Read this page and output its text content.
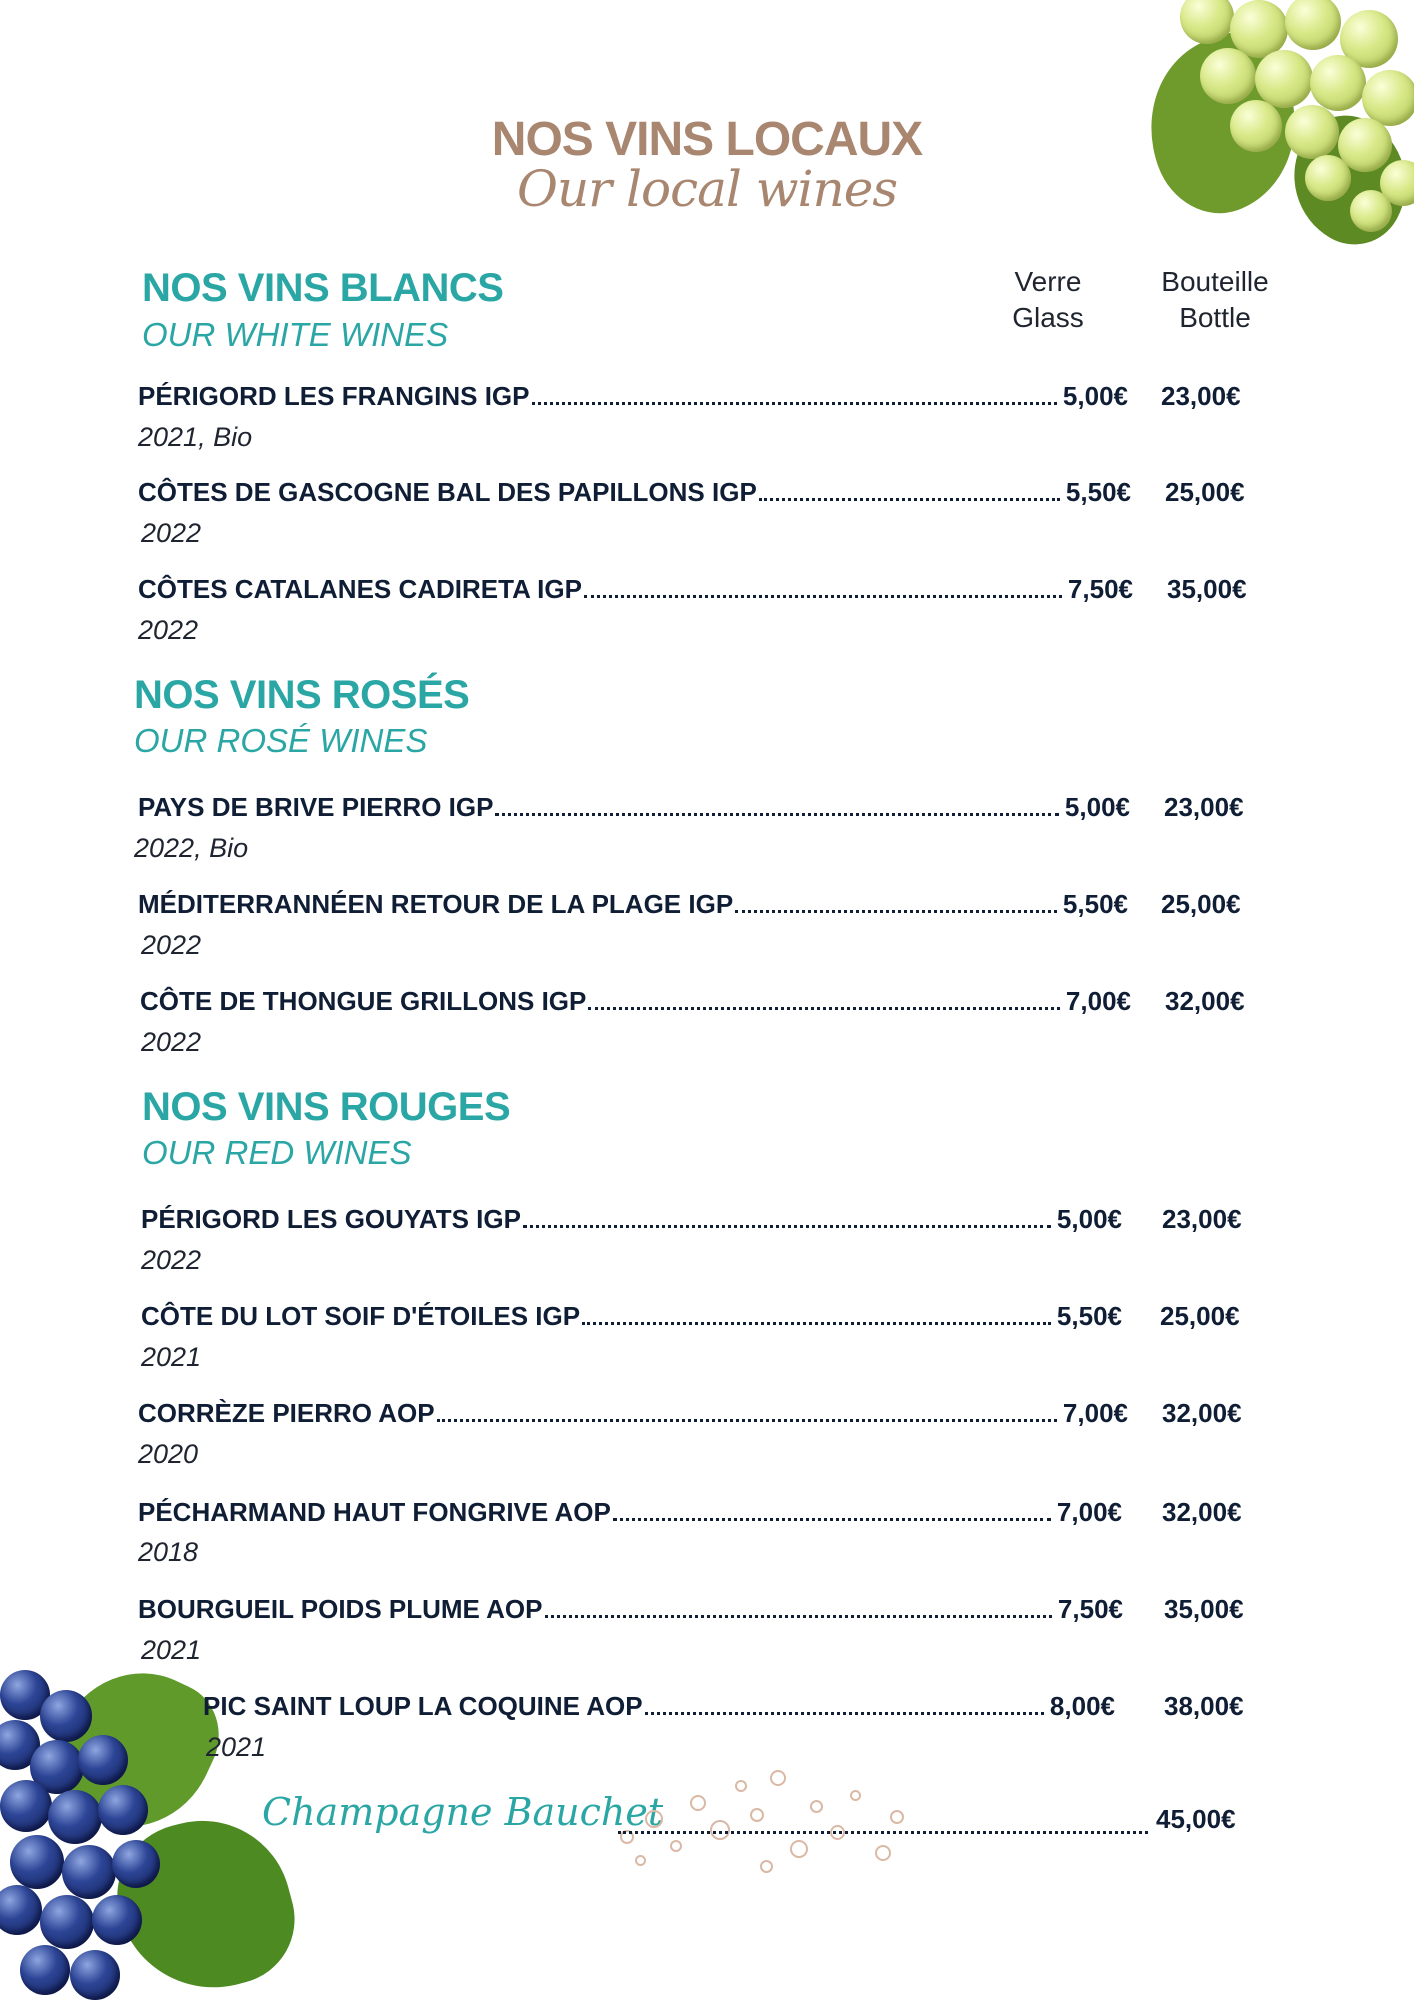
NOS VINS LOCAUX
Our local wines
Verre
Glass
Bouteille
Bottle
NOS VINS BLANCS
OUR WHITE WINES
PÉRIGORD LES FRANGINS IGP	5,00€ 23,00€
2021, Bio
CÔTES DE GASCOGNE BAL DES PAPILLONS IGP	5,50€ 25,00€
2022
CÔTES CATALANES CADIRETA IGP	7,50€ 35,00€
2022
NOS VINS ROSÉS
OUR ROSÉ WINES
PAYS DE BRIVE PIERRO IGP	5,00€ 23,00€
2022, Bio
MÉDITERRANNÉEN RETOUR DE LA PLAGE IGP	5,50€ 25,00€
2022
CÔTE DE THONGUE GRILLONS IGP	7,00€ 32,00€
2022
NOS VINS ROUGES
OUR RED WINES
PÉRIGORD LES GOUYATS IGP	5,00€ 23,00€
2022
CÔTE DU LOT SOIF D'ÉTOILES IGP	5,50€ 25,00€
2021
CORRÈZE PIERRO AOP	7,00€ 32,00€
2020
PÉCHARMAND HAUT FONGRIVE AOP	7,00€ 32,00€
2018
BOURGUEIL POIDS PLUME AOP	7,50€ 35,00€
2021
PIC SAINT LOUP LA COQUINE AOP	8,00€ 38,00€
2021
Champagne Bauchet	45,00€
